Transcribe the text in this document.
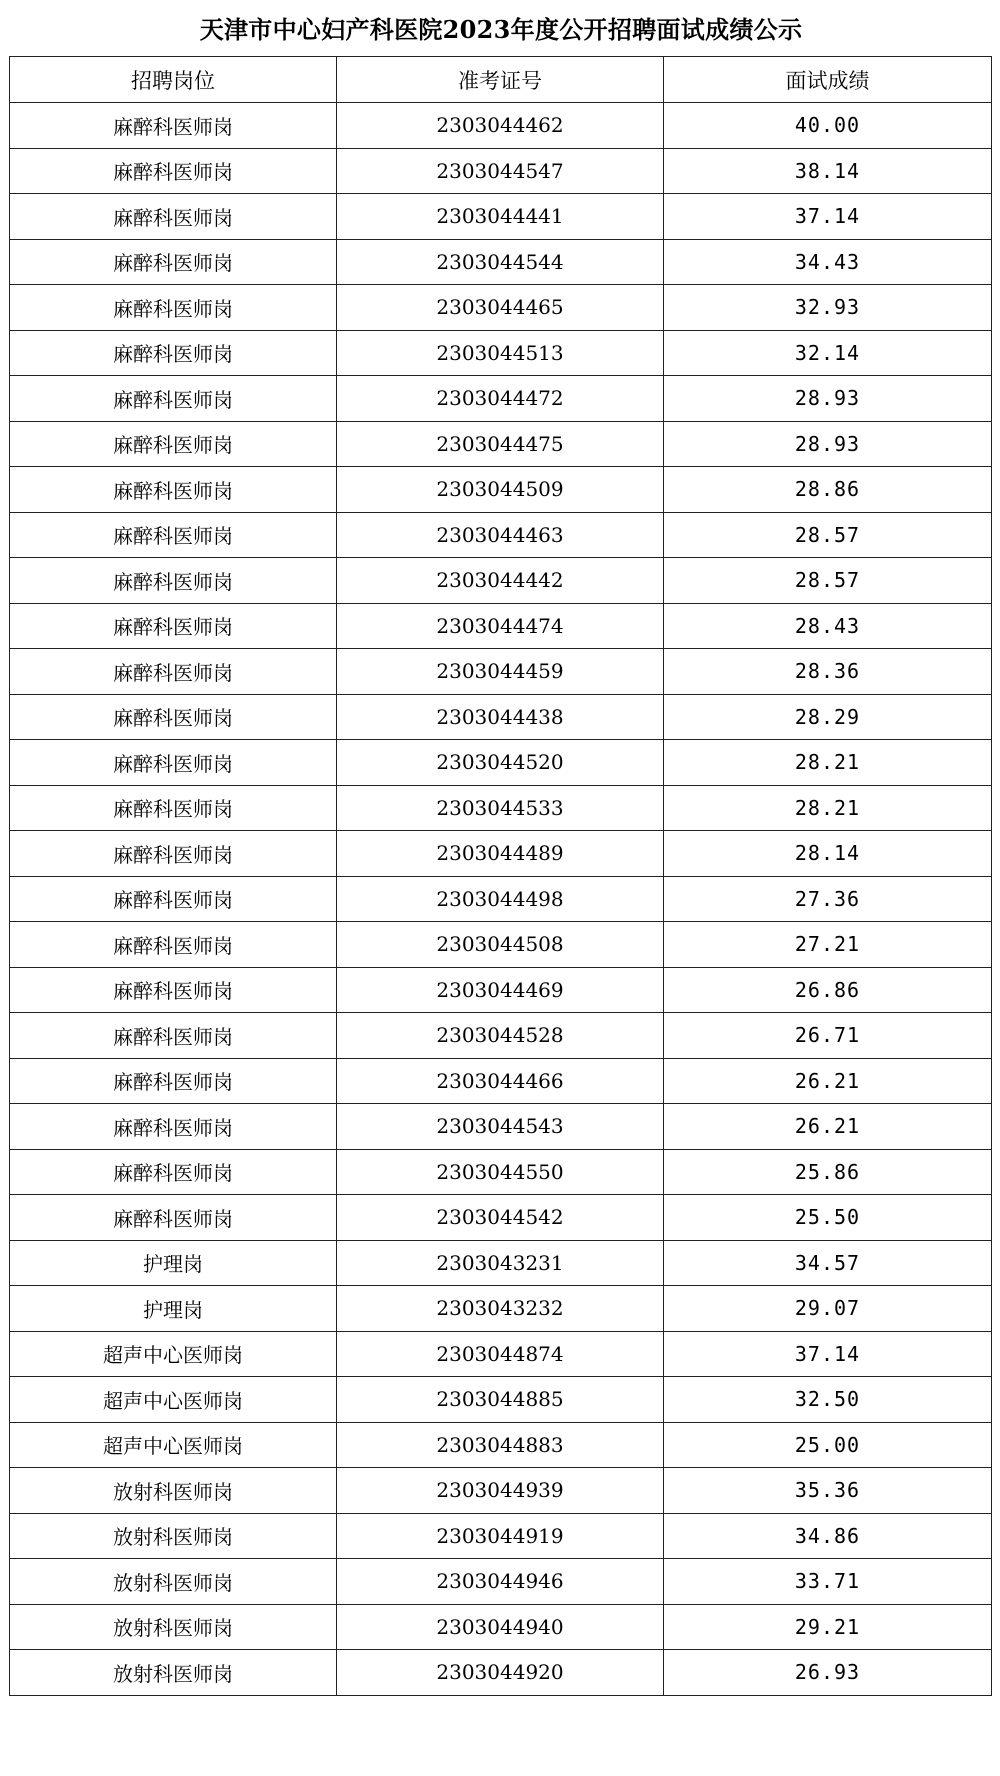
天津市中心妇产科医院2023年度公开招聘面试成绩公示
招聘岗位	准考证号	面试成绩
麻醉科医师岗	2303044462	40.00
麻醉科医师岗	2303044547	38.14
麻醉科医师岗	2303044441	37.14
麻醉科医师岗	2303044544	34.43
麻醉科医师岗	2303044465	32.93
麻醉科医师岗	2303044513	32.14
麻醉科医师岗	2303044472	28.93
麻醉科医师岗	2303044475	28.93
麻醉科医师岗	2303044509	28.86
麻醉科医师岗	2303044463	28.57
麻醉科医师岗	2303044442	28.57
麻醉科医师岗	2303044474	28.43
麻醉科医师岗	2303044459	28.36
麻醉科医师岗	2303044438	28.29
麻醉科医师岗	2303044520	28.21
麻醉科医师岗	2303044533	28.21
麻醉科医师岗	2303044489	28.14
麻醉科医师岗	2303044498	27.36
麻醉科医师岗	2303044508	27.21
麻醉科医师岗	2303044469	26.86
麻醉科医师岗	2303044528	26.71
麻醉科医师岗	2303044466	26.21
麻醉科医师岗	2303044543	26.21
麻醉科医师岗	2303044550	25.86
麻醉科医师岗	2303044542	25.50
护理岗	2303043231	34.57
护理岗	2303043232	29.07
超声中心医师岗	2303044874	37.14
超声中心医师岗	2303044885	32.50
超声中心医师岗	2303044883	25.00
放射科医师岗	2303044939	35.36
放射科医师岗	2303044919	34.86
放射科医师岗	2303044946	33.71
放射科医师岗	2303044940	29.21
放射科医师岗	2303044920	26.93
